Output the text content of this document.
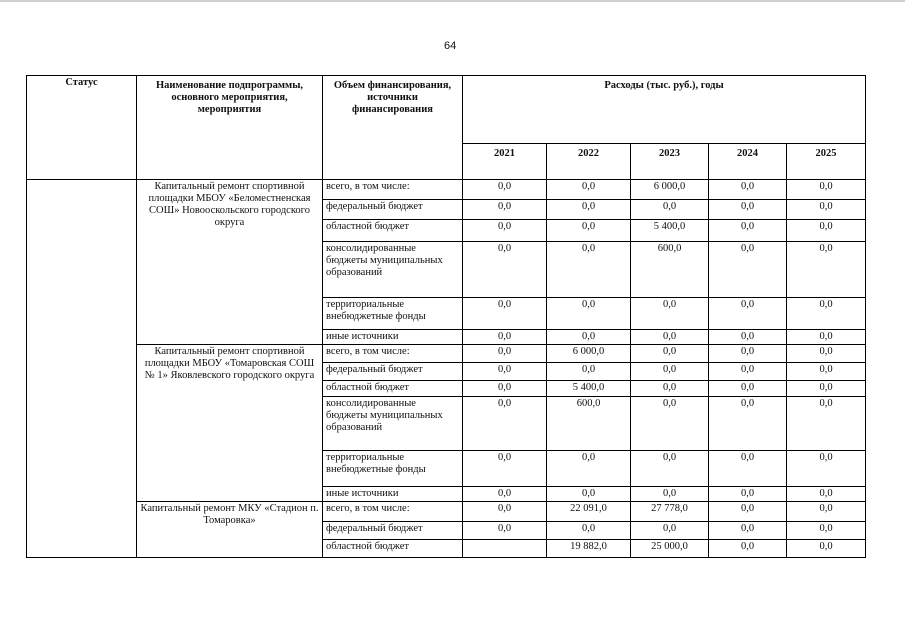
64
Статус	Наименование подпрограммы, основного мероприятия, мероприятия	Объем финансирования, источники финансирования	Расходы (тыс. руб.), годы				
			2021	2022	2023	2024	2025
	Капитальный ремонт спортивной площадки МБОУ «Беломестненская СОШ» Новооскольского городского округа	всего, в том числе:	0,0	0,0	6 000,0	0,0	0,0
		федеральный бюджет	0,0	0,0	0,0	0,0	0,0
		областной бюджет	0,0	0,0	5 400,0	0,0	0,0
		консолидированные бюджеты муниципальных образований	0,0	0,0	600,0	0,0	0,0
		территориальные внебюджетные фонды	0,0	0,0	0,0	0,0	0,0
		иные источники	0,0	0,0	0,0	0,0	0,0
	Капитальный ремонт спортивной площадки МБОУ «Томаровская СОШ № 1» Яковлевского городского округа	всего, в том числе:	0,0	6 000,0	0,0	0,0	0,0
		федеральный бюджет	0,0	0,0	0,0	0,0	0,0
		областной бюджет	0,0	5 400,0	0,0	0,0	0,0
		консолидированные бюджеты муниципальных образований	0,0	600,0	0,0	0,0	0,0
		территориальные внебюджетные фонды	0,0	0,0	0,0	0,0	0,0
		иные источники	0,0	0,0	0,0	0,0	0,0
	Капитальный ремонт МКУ «Стадион п. Томаровка»	всего, в том числе:	0,0	22 091,0	27 778,0	0,0	0,0
		федеральный бюджет	0,0	0,0	0,0	0,0	0,0
		областной бюджет		19 882,0	25 000,0	0,0	0,0
